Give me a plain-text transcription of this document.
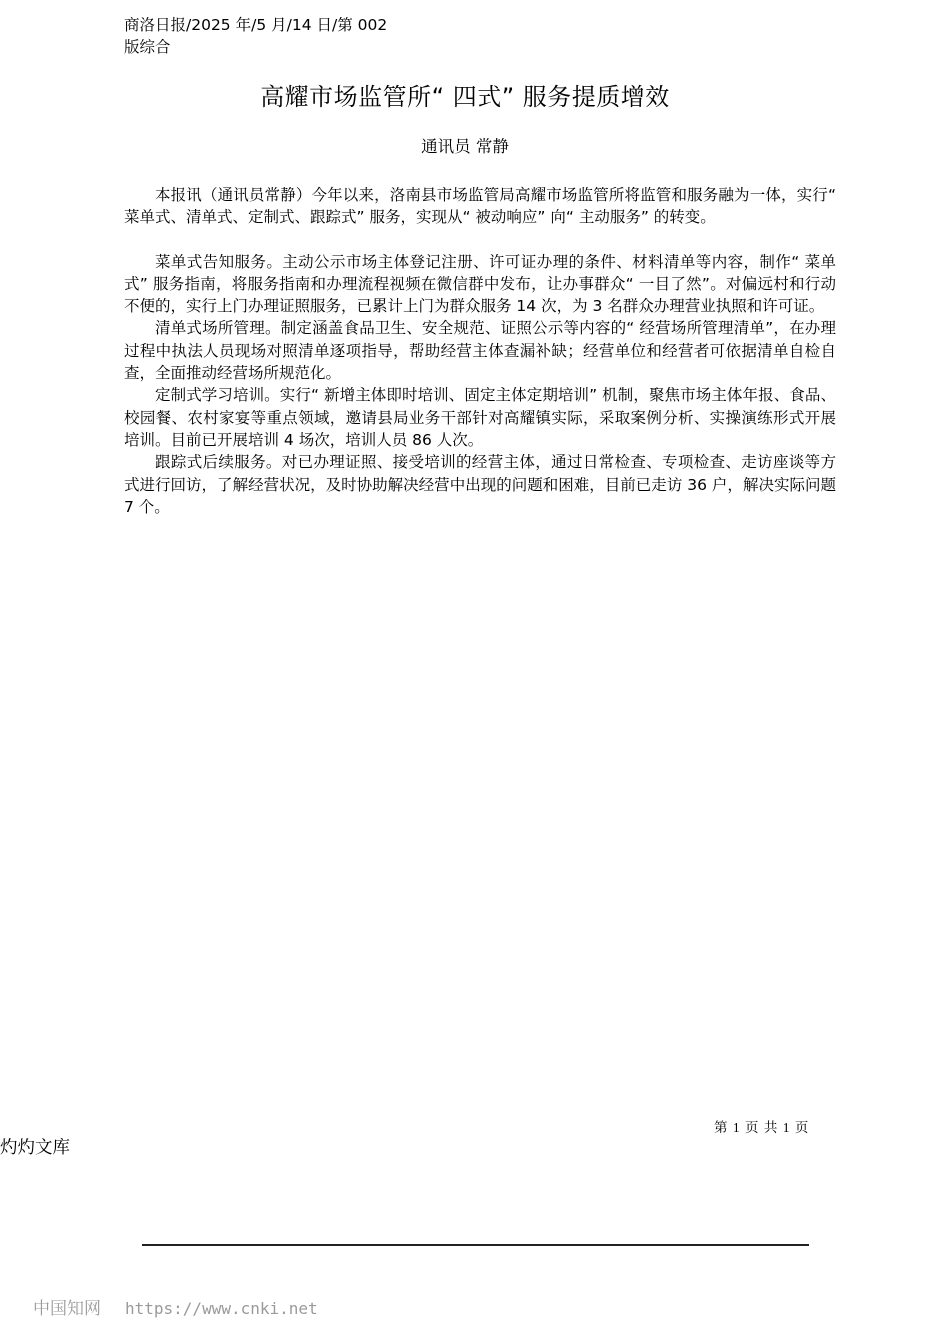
商洛日报/2025 年/5 月/14 日/第 002 版综合
高耀市场监管所“ 四式” 服务提质增效
通讯员 常静

本报讯（通讯员常静）今年以来，洛南县市场监管局高耀市场监管所将监管和服务融为一体，实行“ 菜单式、清单式、定制式、跟踪式” 服务，实现从“ 被动响应” 向“ 主动服务” 的转变。

菜单式告知服务。主动公示市场主体登记注册、许可证办理的条件、材料清单等内容，制作“ 菜单式” 服务指南，将服务指南和办理流程视频在微信群中发布，让办事群众“ 一目了然”。对偏远村和行动不便的，实行上门办理证照服务，已累计上门为群众服务 14 次，为 3 名群众办理营业执照和许可证。

清单式场所管理。制定涵盖食品卫生、安全规范、证照公示等内容的“ 经营场所管理清单”，在办理过程中执法人员现场对照清单逐项指导，帮助经营主体查漏补缺；经营单位和经营者可依据清单自检自查，全面推动经营场所规范化。

定制式学习培训。实行“ 新增主体即时培训、固定主体定期培训” 机制，聚焦市场主体年报、食品、校园餐、农村家宴等重点领域，邀请县局业务干部针对高耀镇实际，采取案例分析、实操演练形式开展培训。目前已开展培训 4 场次，培训人员 86 人次。

跟踪式后续服务。对已办理证照、接受培训的经营主体，通过日常检查、专项检查、走访座谈等方式进行回访，了解经营状况，及时协助解决经营中出现的问题和困难，目前已走访 36 户，解决实际问题 7 个。

第 1 页 共 1 页
灼灼文库
中国知网 https://www.cnki.net
